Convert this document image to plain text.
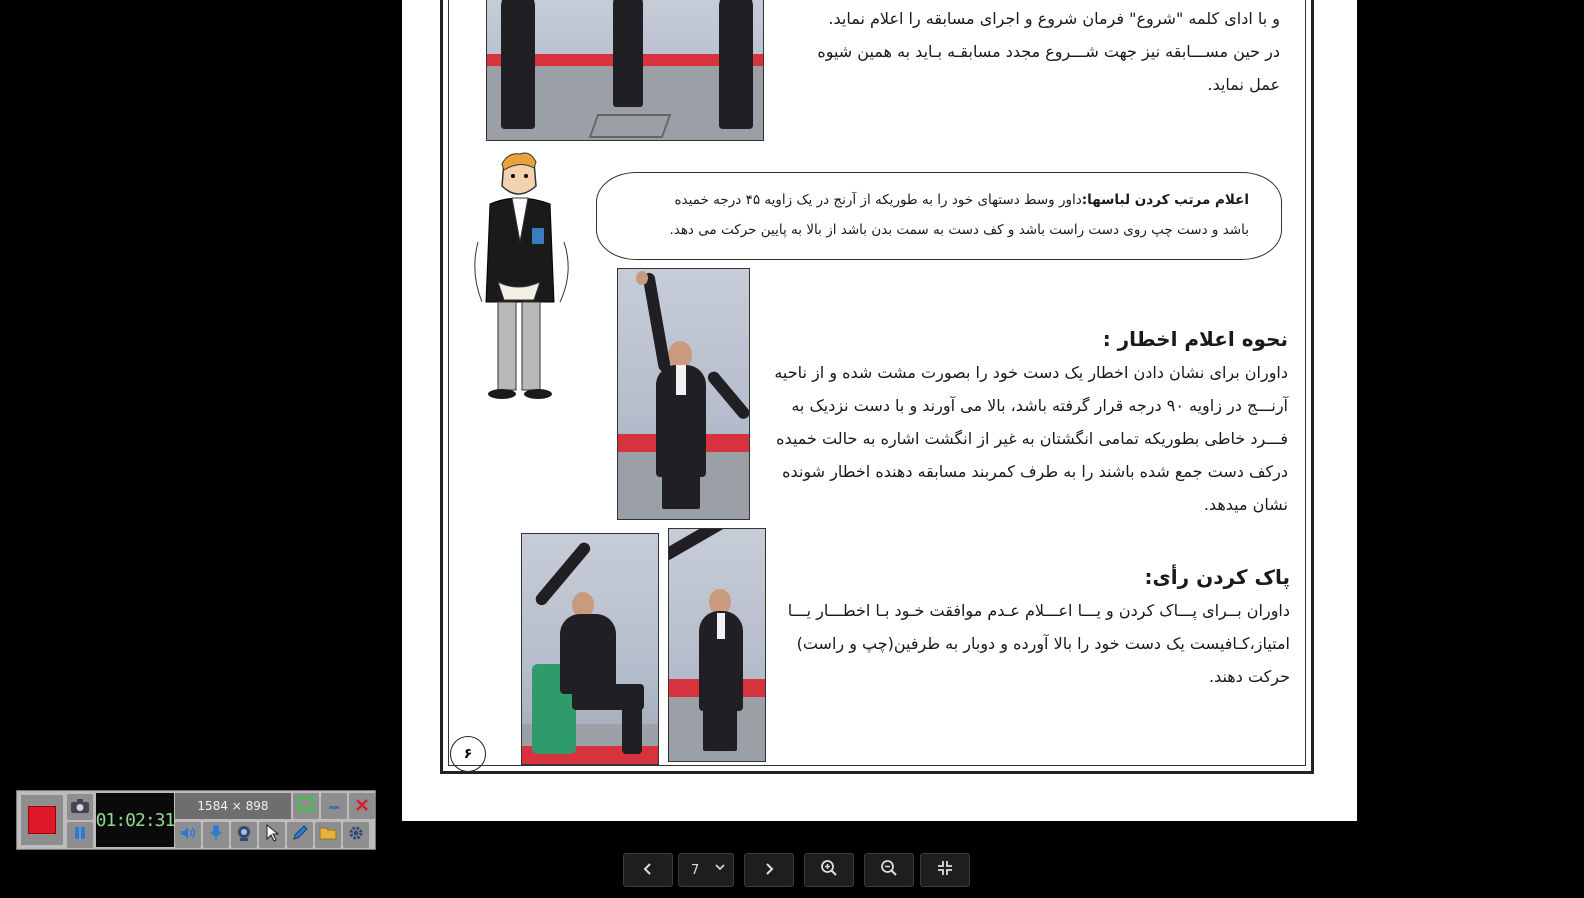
و با ادای کلمه "شروع" فرمان شروع و اجرای مسابقه را اعلام نماید.
در حین مســـابقه نیز جهت شـــروع مجدد مسابقـه بـاید به همین شیوه
عمل نماید.
اعلام مرتب کردن لباسها:داور وسط دستهای خود را به طوریکه از آرنج در یک زاویه ۴۵ درجه خمیده
باشد و دست چپ روی دست راست باشد و کف دست به سمت بدن باشد از بالا به پایین حرکت می دهد.
نحوه اعلام اخطار :
داوران برای نشان دادن اخطار یک دست خود را بصورت مشت شده و از ناحیه
آرنـــج در زاویه ۹۰ درجه قرار گرفته باشد، بالا می آورند و با دست نزدیک به
فـــرد خاطی بطوریکه تمامی انگشتان به غیر از انگشت اشاره به حالت خمیده
درکف دست جمع شده باشند را به طرف کمربند مسابقه دهنده اخطار شونده
نشان میدهد.
پاک کردن رأی:
داوران بــرای پـــاک کردن و یـــا اعـــلام عـدم موافقت خـود بـا اخطـــار یـــا
امتیاز،کـافیست یک دست خود را بالا آورده و دوبار به طرفین(چپ و راست)
حرکت دهند.
۶
7
01:02:31
1584 × 898
